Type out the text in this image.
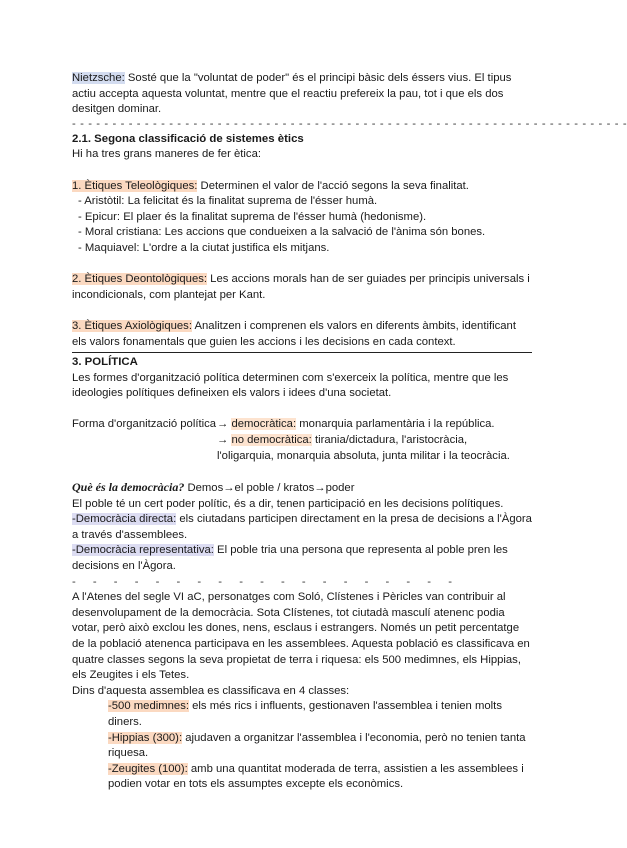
Nietzsche: Sosté que la "voluntat de poder" és el principi bàsic dels éssers vius. El tipus actiu accepta aquesta voluntat, mentre que el reactiu prefereix la pau, tot i que els dos desitgen dominar.

- - - - - - - - - - - - - - - - - - - - - - - - - - - - - - - - - - - - - - - - - - - - - - - - - - - - - - - - - - - - - - - - - - - - -
2.1. Segona classificació de sistemes ètics

Hi ha tres grans maneres de fer ètica:

1. Ètiques Teleològiques: Determinen el valor de l'acció segons la seva finalitat.

- Aristòtil: La felicitat és la finalitat suprema de l'ésser humà.
- Epicur: El plaer és la finalitat suprema de l'ésser humà (hedonisme).
- Moral cristiana: Les accions que condueixen a la salvació de l'ànima són bones.
- Maquiavel: L'ordre a la ciutat justifica els mitjans.

2. Ètiques Deontològiques: Les accions morals han de ser guiades per principis universals i incondicionals, com plantejat per Kant.

3. Ètiques Axiològiques: Analitzen i comprenen els valors en diferents àmbits, identificant els valors fonamentals que guien les accions i les decisions en cada context.

3. POLÍTICA

Les formes d'organització política determinen com s'exerceix la política, mentre que les ideologies polítiques defineixen els valors i idees d'una societat.

Forma d'organització política → democràtica: monarquia parlamentària i la república.

→ no democràtica: tirania/dictadura, l'aristocràcia, l'oligarquia, monarquia absoluta, junta militar i la teocràcia.

Què és la democràcia? Demos→el poble / kratos→poder

El poble té un cert poder polític, és a dir, tenen participació en les decisions polítiques.

-Democràcia directa: els ciutadans participen directament en la presa de decisions a l'Àgora a través d'assemblees.

-Democràcia representativa: El poble tria una persona que representa al poble pren les decisions en l'Àgora.

- - - - - - - - - - - - - - - - - - -

A l'Atenes del segle VI aC, personatges com Soló, Clístenes i Pèricles van contribuir al desenvolupament de la democràcia. Sota Clístenes, tot ciutadà masculí atenenc podia votar, però això exclou les dones, nens, esclaus i estrangers. Només un petit percentatge de la població atenenca participava en les assemblees. Aquesta població es classificava en quatre classes segons la seva propietat de terra i riquesa: els 500 medimnes, els Hippias, els Zeugites i els Tetes.

Dins d'aquesta assemblea es classificava en 4 classes:

-500 medimnes: els més rics i influents, gestionaven l'assemblea i tenien molts diners.

-Hippias (300): ajudaven a organitzar l'assemblea i l'economia, però no tenien tanta riquesa.

-Zeugites (100): amb una quantitat moderada de terra, assistien a les assemblees i podien votar en tots els assumptes excepte els econòmics.
